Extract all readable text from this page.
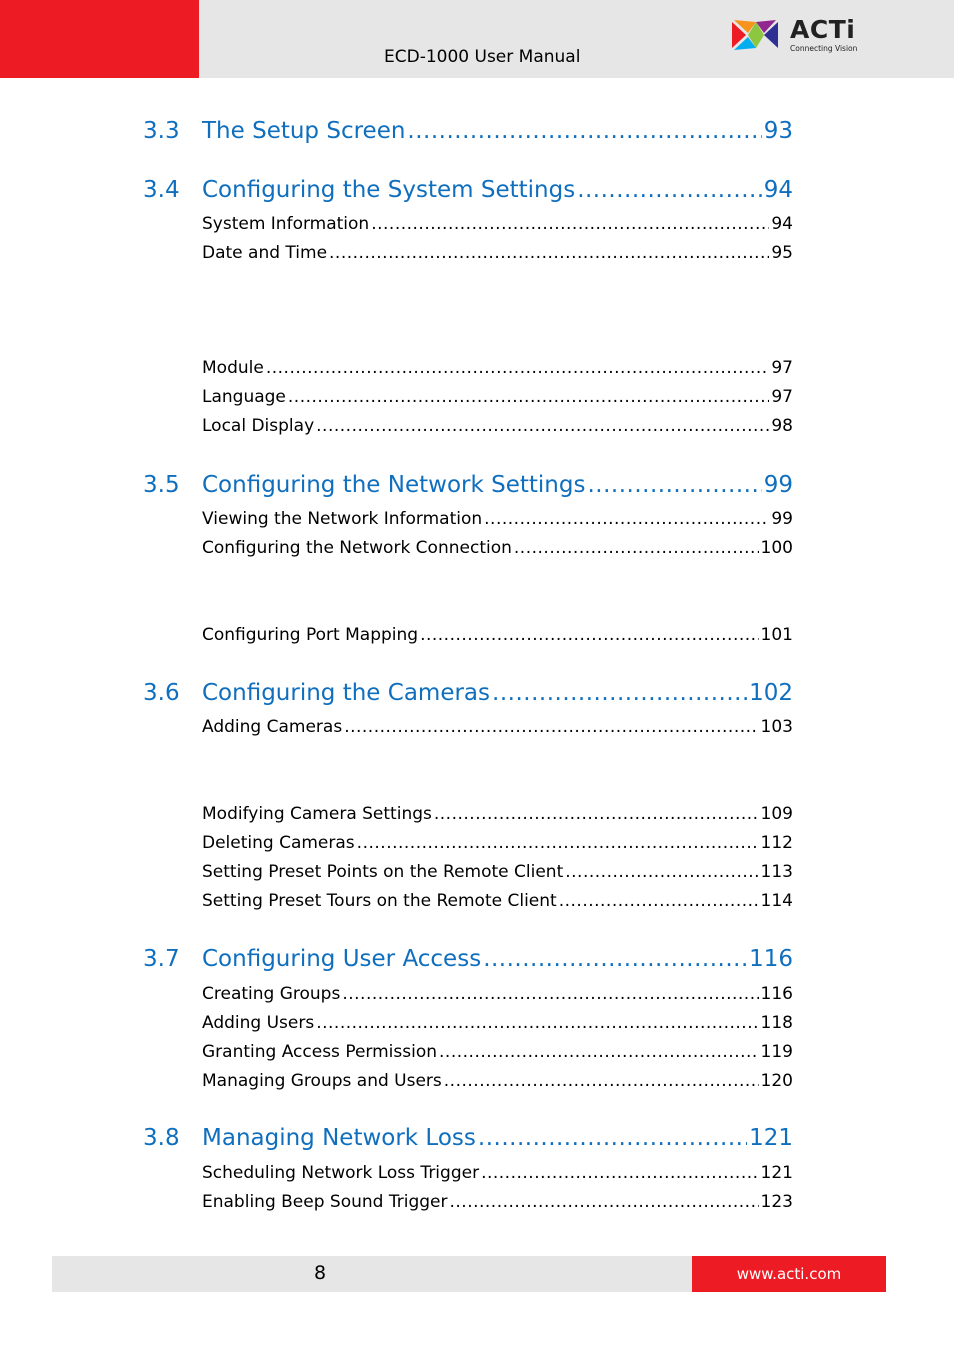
ECD-1000 User Manual
ACTi
Connecting Vision
3.3 The Setup Screen .....	93
3.4 Configuring the System Settings .....	94
System Information .....	94
Date and Time .....	95
Module .....	97
Language .....	97
Local Display .....	98
3.5 Configuring the Network Settings .....	99
Viewing the Network Information .....	99
Configuring the Network Connection .....	100
Configuring Port Mapping .....	101
3.6 Configuring the Cameras .....	102
Adding Cameras .....	103
Modifying Camera Settings .....	109
Deleting Cameras .....	112
Setting Preset Points on the Remote Client .....	113
Setting Preset Tours on the Remote Client .....	114
3.7 Configuring User Access .....	116
Creating Groups .....	116
Adding Users .....	118
Granting Access Permission .....	119
Managing Groups and Users .....	120
3.8 Managing Network Loss .....	121
Scheduling Network Loss Trigger .....	121
Enabling Beep Sound Trigger .....	123
8	www.acti.com
